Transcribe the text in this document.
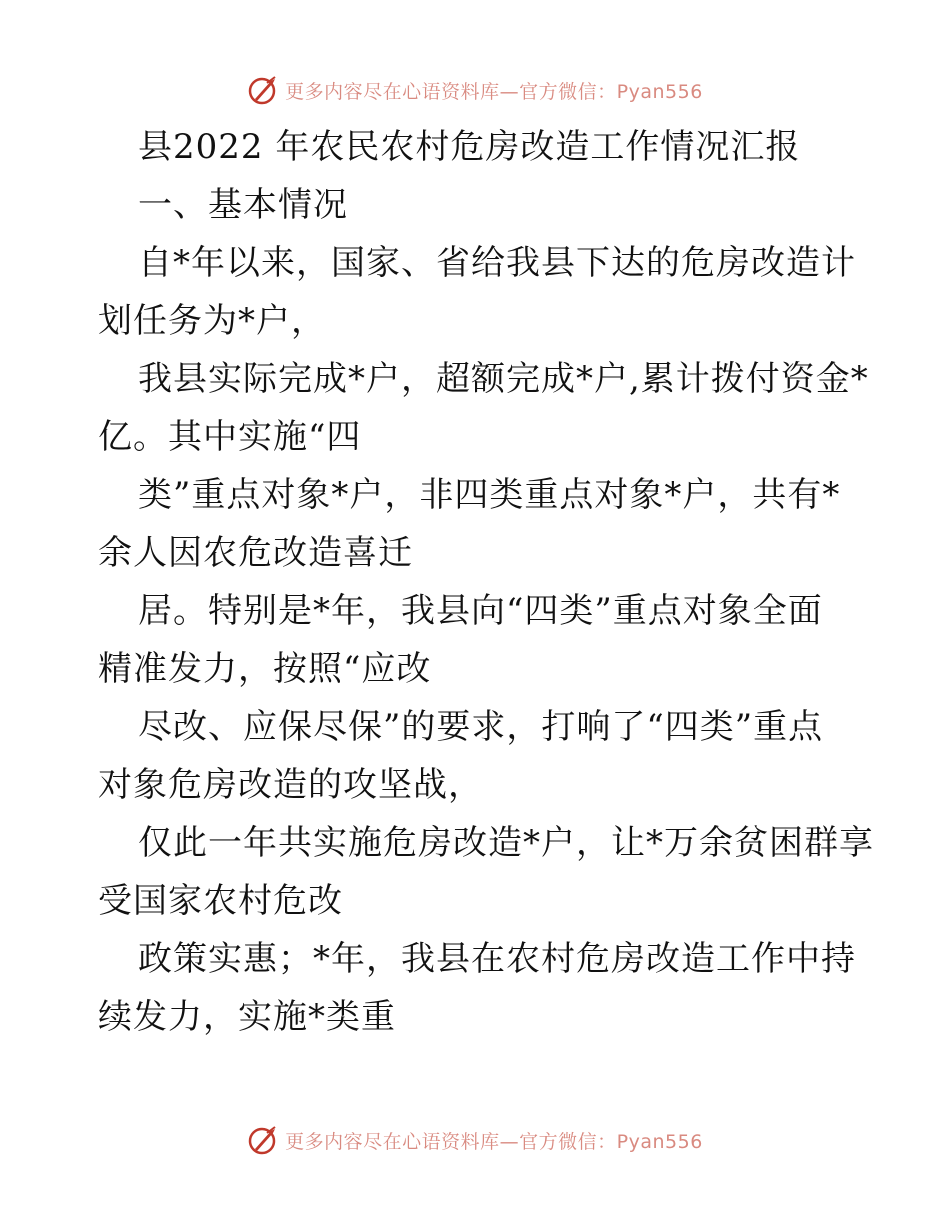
更多内容尽在心语资料库—官方微信：Pyan556
县2022 年农民农村危房改造工作情况汇报
一、基本情况
自*年以来，国家、省给我县下达的危房改造计
划任务为*户，
我县实际完成*户，超额完成*户,累计拨付资金*
亿。其中实施“四
类”重点对象*户，非四类重点对象*户，共有*
余人因农危改造喜迁
居。特别是*年，我县向“四类”重点对象全面
精准发力，按照“应改
尽改、应保尽保”的要求，打响了“四类”重点
对象危房改造的攻坚战，
仅此一年共实施危房改造*户，让*万余贫困群享
受国家农村危改
政策实惠；*年，我县在农村危房改造工作中持
续发力，实施*类重
更多内容尽在心语资料库—官方微信：Pyan556
